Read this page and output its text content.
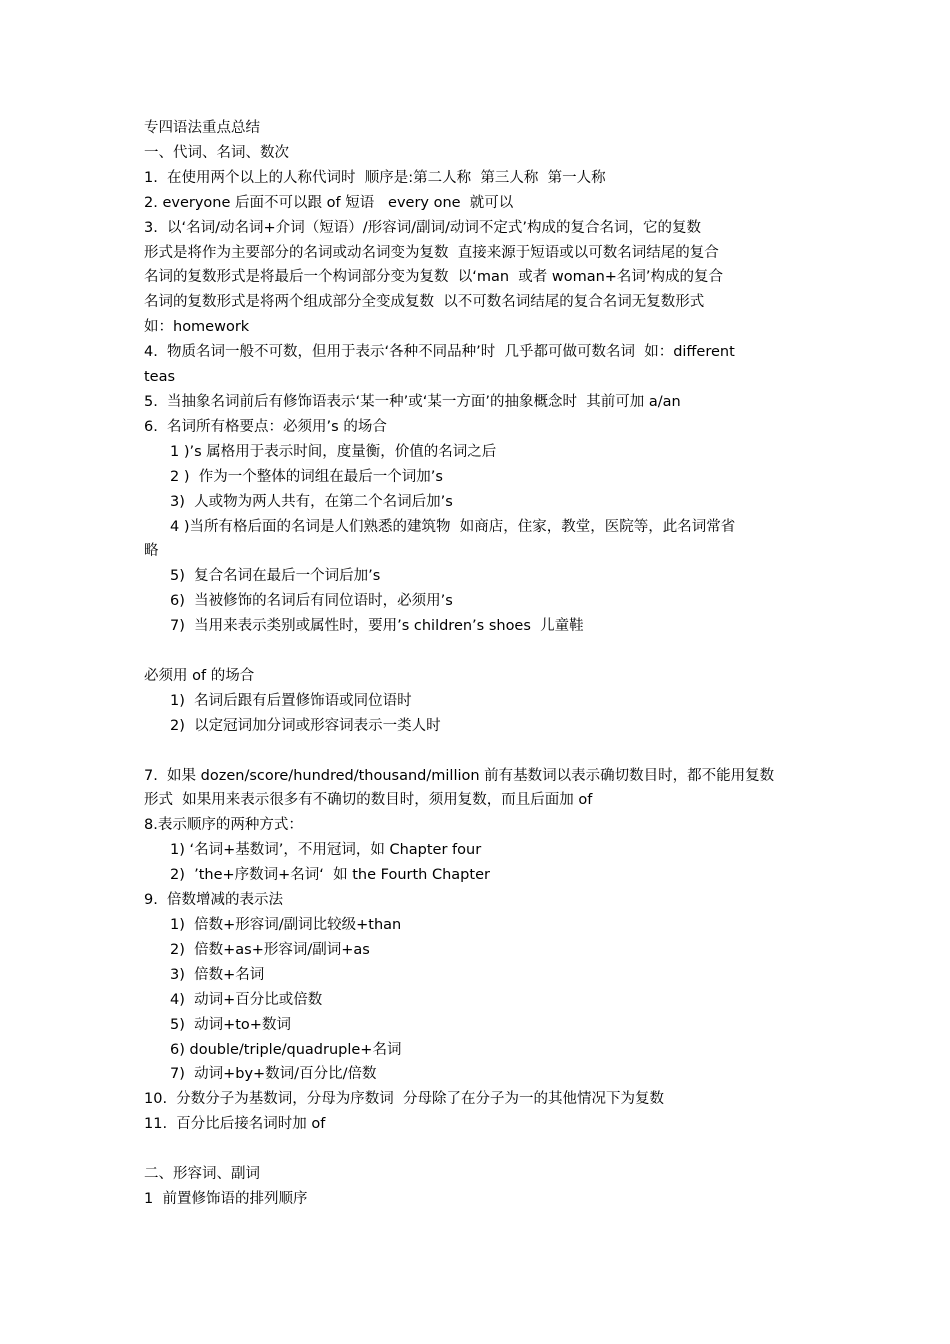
专四语法重点总结
一、代词、名词、数次
1.  在使用两个以上的人称代词时  顺序是:第二人称  第三人称  第一人称
2. everyone 后面不可以跟 of 短语   every one  就可以
3.  以‘名词/动名词+介词（短语）/形容词/副词/动词不定式’构成的复合名词，它的复数
形式是将作为主要部分的名词或动名词变为复数  直接来源于短语或以可数名词结尾的复合
名词的复数形式是将最后一个构词部分变为复数  以‘man  或者 woman+名词’构成的复合
名词的复数形式是将两个组成部分全变成复数  以不可数名词结尾的复合名词无复数形式
如：homework
4.  物质名词一般不可数，但用于表示‘各种不同品种’时  几乎都可做可数名词  如：different
teas
5.  当抽象名词前后有修饰语表示‘某一种’或‘某一方面’的抽象概念时  其前可加 a/an
6.  名词所有格要点：必须用’s 的场合
1 )’s 属格用于表示时间，度量衡，价值的名词之后
2 )  作为一个整体的词组在最后一个词加’s
3)  人或物为两人共有，在第二个名词后加’s
4 )当所有格后面的名词是人们熟悉的建筑物  如商店，住家，教堂，医院等，此名词常省
略
5)  复合名词在最后一个词后加’s
6)  当被修饰的名词后有同位语时，必须用’s
7)  当用来表示类别或属性时，要用’s children’s shoes  儿童鞋
必须用 of 的场合
1)  名词后跟有后置修饰语或同位语时
2)  以定冠词加分词或形容词表示一类人时
7.  如果 dozen/score/hundred/thousand/million 前有基数词以表示确切数目时，都不能用复数
形式  如果用来表示很多有不确切的数目时，须用复数，而且后面加 of
8.表示顺序的两种方式：
1) ‘名词+基数词’，不用冠词，如 Chapter four
2)  ’the+序数词+名词‘  如 the Fourth Chapter
9.  倍数增减的表示法
1)  倍数+形容词/副词比较级+than
2)  倍数+as+形容词/副词+as
3)  倍数+名词
4)  动词+百分比或倍数
5)  动词+to+数词
6) double/triple/quadruple+名词
7)  动词+by+数词/百分比/倍数
10.  分数分子为基数词，分母为序数词  分母除了在分子为一的其他情况下为复数
11.  百分比后接名词时加 of
二、形容词、副词
1  前置修饰语的排列顺序
